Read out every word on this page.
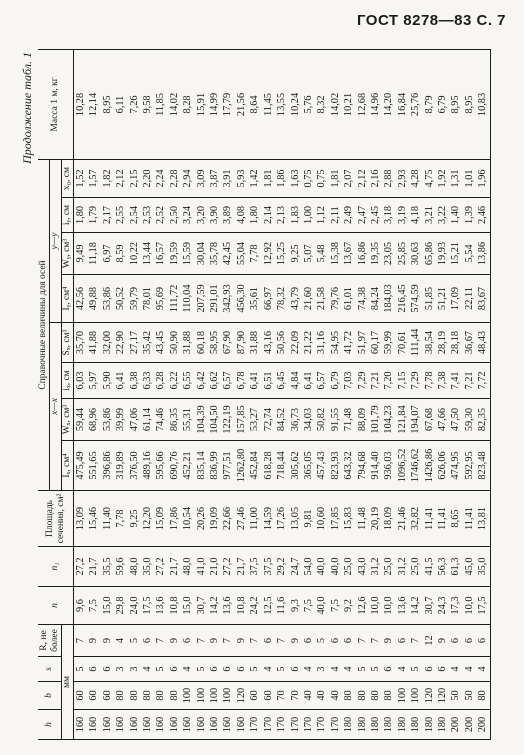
ГОСТ 8278—83 С. 7
Продолжение табл. 1
h	b	s	R, не более	n	n₁	Площадь сечения, см²	Справочные величины для осей								Масса 1 м, кг
							x—x				y—y				
мм							Iₓ, см⁴	Wₓ, см³	iₓ, см	Sₓ, см³	Iᵧ, см⁴	Wᵧ, см³	iᵧ, см	x₀, см	
160	60	5	7	9,6	27,2	13,09	475,49	59,44	6,03	35,70	42,56	9,49	1,80	1,52	10,28
160	60	6	9	7,5	21,7	15,46	551,65	68,96	5,97	41,88	49,88	11,18	1,79	1,57	12,14
160	60	6	9	15,0	35,5	11,40	396,86	53,86	5,90	32,00	53,86	6,97	2,17	1,82	8,95
160	80	3	4	29,8	59,6	7,78	319,89	39,99	6,41	22,90	50,52	8,59	2,55	2,12	6,11
160	80	3	5	24,0	48,0	9,25	376,50	47,06	6,38	27,17	59,79	10,22	2,54	2,15	7,26
160	80	4	6	17,5	35,0	12,20	489,16	61,14	6,33	35,42	78,01	13,44	2,53	2,20	9,58
160	80	5	7	13,6	27,2	15,09	595,66	74,46	6,28	43,45	95,69	16,57	2,52	2,24	11,85
160	80	6	9	10,8	21,7	17,86	690,76	86,35	6,22	50,90	111,72	19,59	2,50	2,28	14,02
160	100	4	6	15,0	48,0	10,54	452,21	55,31	6,55	31,88	110,04	15,59	3,24	2,94	8,28
160	100	5	7	30,7	41,0	20,26	835,14	104,39	6,42	60,18	207,59	30,04	3,20	3,09	15,91
160	100	6	9	14,2	21,0	19,09	836,99	104,50	6,62	58,95	291,01	35,78	3,90	3,87	14,99
160	100	6	7	13,6	27,2	22,66	977,51	122,19	6,57	67,90	342,93	42,45	3,89	3,91	17,79
160	120	6	9	10,8	21,7	27,46	1262,80	157,85	6,78	87,90	456,30	55,04	4,08	5,93	21,56
170	60	5	7	24,2	37,5	11,00	452,84	53,27	6,41	31,88	35,61	7,78	1,80	1,42	8,64
170	60	4	6	12,5	37,5	14,59	618,28	72,74	6,51	43,16	66,97	12,92	2,14	1,81	11,45
170	70	5	7	11,6	29,2	17,26	718,44	84,52	6,45	50,56	78,32	15,25	2,13	1,86	13,55
170	70	6	9	9,3	24,7	13,05	305,62	36,73	4,84	22,09	43,79	9,25	1,83	1,63	10,24
170	40	4	6	7,5	54,0	9,81	365,05	34,03	6,41	21,22	21,60	5,07	1,00	0,75	5,76
170	40	3	5	40,0	40,0	10,60	457,43	50,82	6,57	31,16	21,58	5,48	1,12	0,75	8,32
170	40	4	6	7,5	40,0	17,85	823,93	91,55	6,79	54,95	79,76	15,38	2,11	1,81	14,02
180	80	4	6	9,2	25,0	15,83	643,32	71,48	7,03	41,72	61,01	13,67	2,49	2,07	10,21
180	80	5	7	12,6	43,0	11,48	794,68	88,09	7,29	51,97	74,38	16,86	2,47	2,12	12,68
180	80	5	7	10,0	31,2	20,19	914,40	101,79	7,21	60,17	84,24	19,35	2,45	2,16	14,96
180	80	6	9	10,0	25,0	18,09	936,03	104,23	7,20	59,99	184,03	23,05	3,18	2,88	14,20
180	100	4	6	13,6	31,2	21,46	1096,52	121,84	7,15	70,61	216,45	25,85	3,19	2,93	16,84
180	100	5	7	14,2	25,0	32,82	1746,62	194,07	7,29	111,44	574,59	30,63	4,18	4,28	25,76
180	120	6	12	30,7	41,5	11,41	1426,86	67,68	7,78	38,54	51,85	65,86	3,21	4,75	8,79
180	120	6	9	24,3	56,3	11,41	626,06	47,66	7,38	28,19	51,21	19,93	3,22	1,92	6,79
200	50	4	6	17,3	61,3	8,65	474,95	47,50	7,41	28,18	17,09	15,21	1,40	1,31	8,95
200	50	4	6	10,0	45,0	11,41	592,95	59,30	7,21	36,67	22,11	5,54	1,39	1,01	8,95
200	80	4	6	17,5	35,0	13,81	823,48	82,35	7,72	48,43	83,67	13,86	2,46	1,96	10,83
